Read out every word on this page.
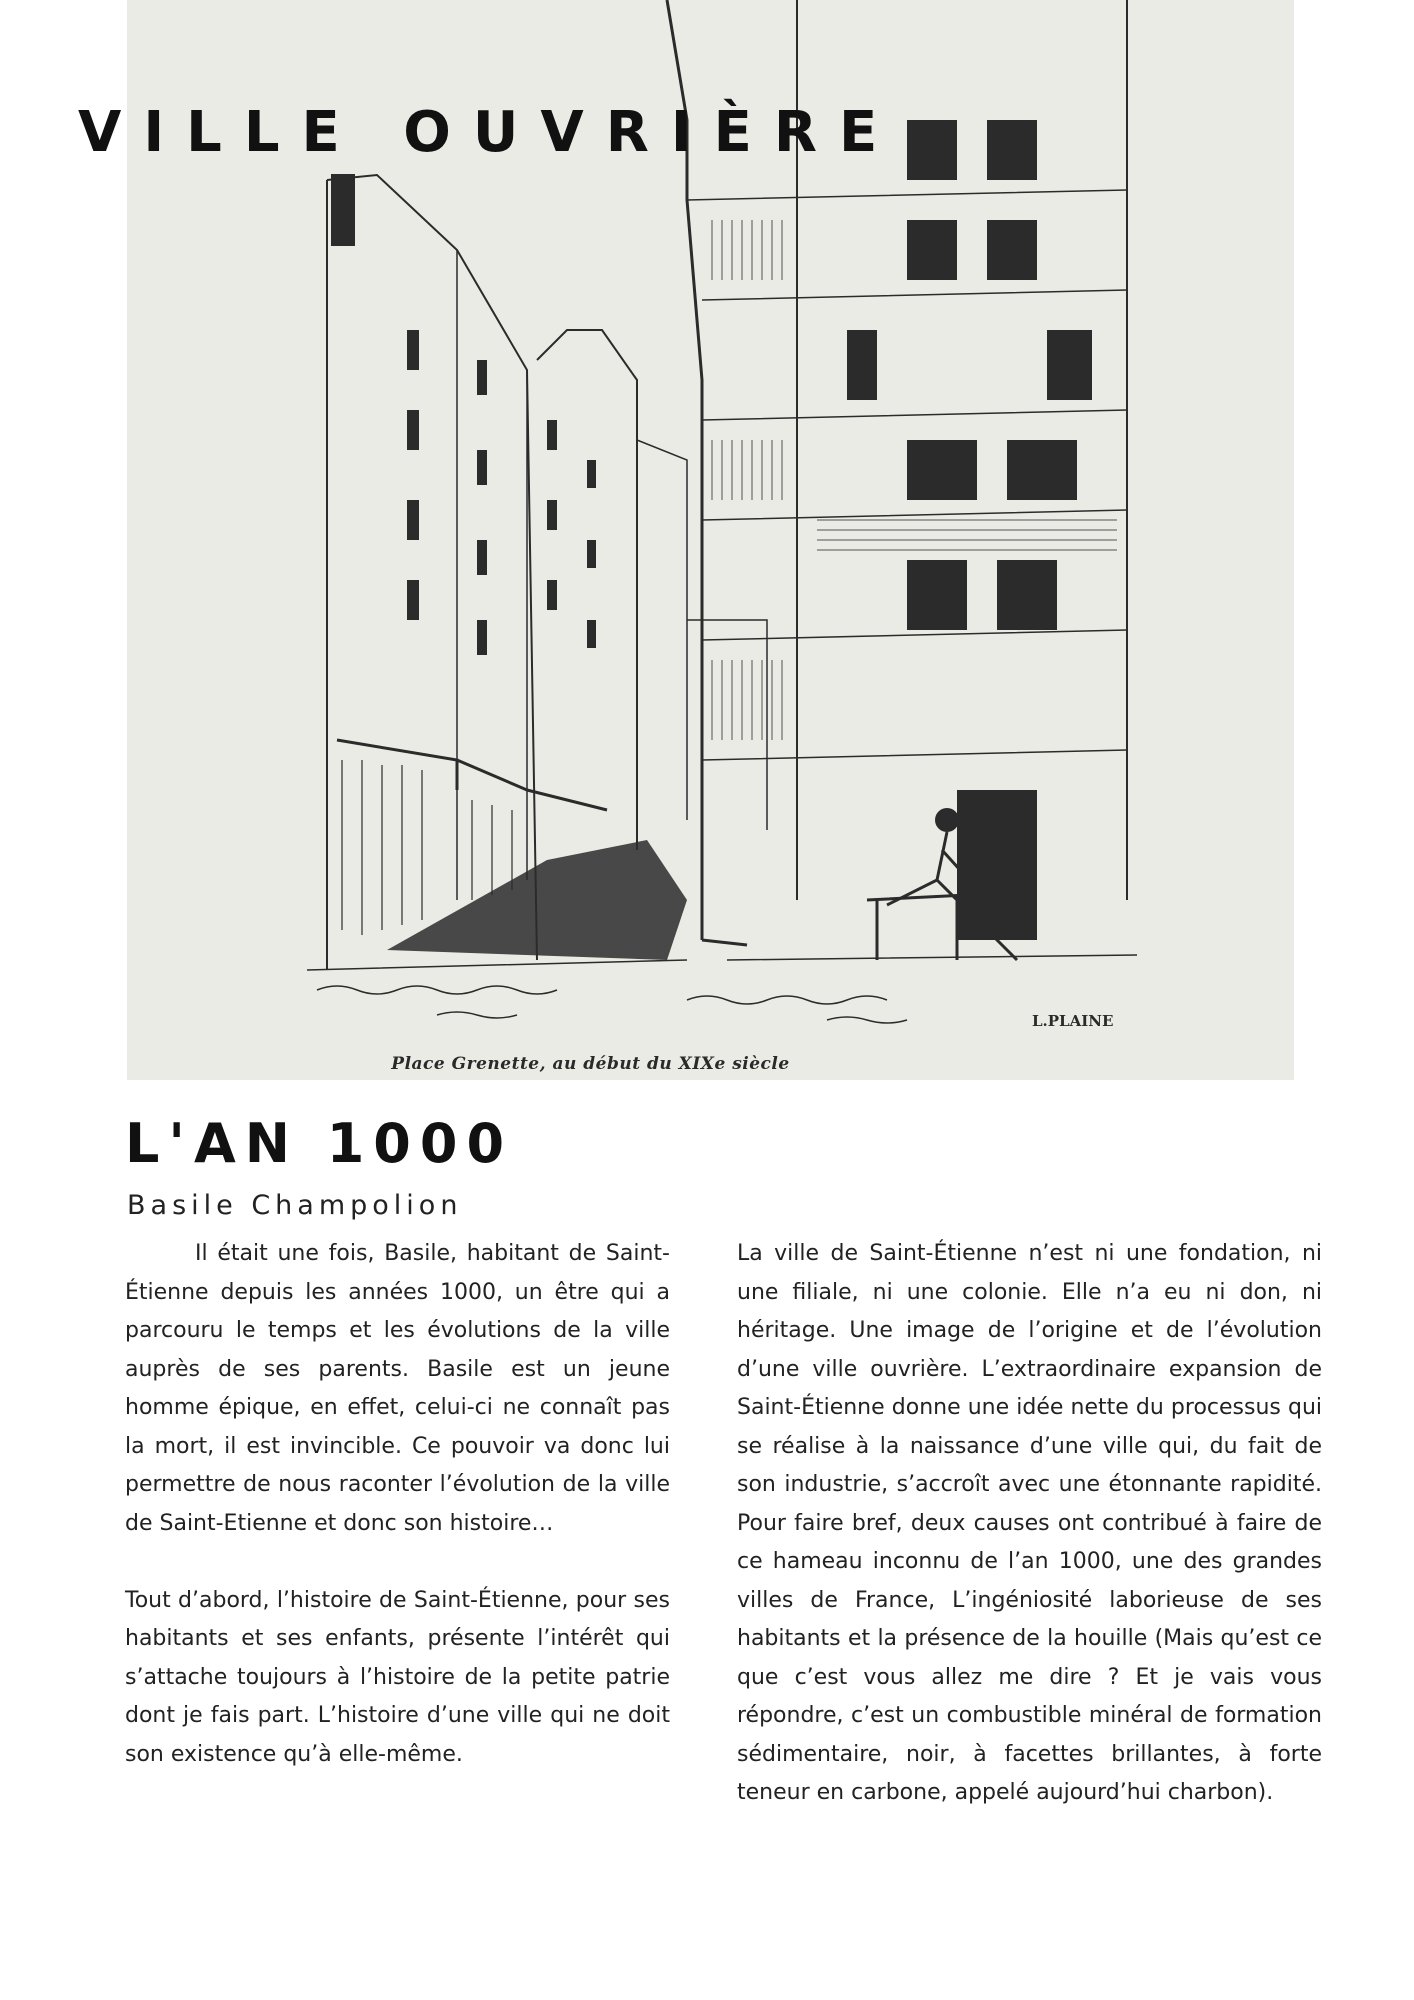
L.PLAINE
Place Grenette, au début du XIXe siècle
VILLE OUVRIÈRE
L'AN 1000

Basile Champolion

Il était une fois, Basile, habitant de Saint-Étienne depuis les années 1000, un être qui a parcouru le temps et les évolutions de la ville auprès de ses parents. Basile est un jeune homme épique, en effet, celui-ci ne connaît pas la mort, il est invincible. Ce pouvoir va donc lui permettre de nous raconter l’évolution de la ville de Saint-Etienne et donc son histoire…

Tout d’abord, l’histoire de Saint-Étienne, pour ses habitants et ses enfants, présente l’intérêt qui s’attache toujours à l’histoire de la petite patrie dont je fais part. L’histoire d’une ville qui ne doit son existence qu’à elle-même.

La ville de Saint-Étienne n’est ni une fondation, ni une filiale, ni une colonie. Elle n’a eu ni don, ni héritage. Une image de l’origine et de l’évolution d’une ville ouvrière. L’extraordinaire expansion de Saint-Étienne donne une idée nette du processus qui se réalise à la naissance d’une ville qui, du fait de son industrie, s’accroît avec une étonnante rapidité. Pour faire bref, deux causes ont contribué à faire de ce hameau inconnu de l’an 1000, une des grandes villes de France, L’ingéniosité laborieuse de ses habitants et la présence de la houille (Mais qu’est ce que c’est vous allez me dire ? Et je vais vous répondre, c’est un combustible minéral de formation sédimentaire, noir, à facettes brillantes, à forte teneur en carbone, appelé aujourd’hui charbon).
